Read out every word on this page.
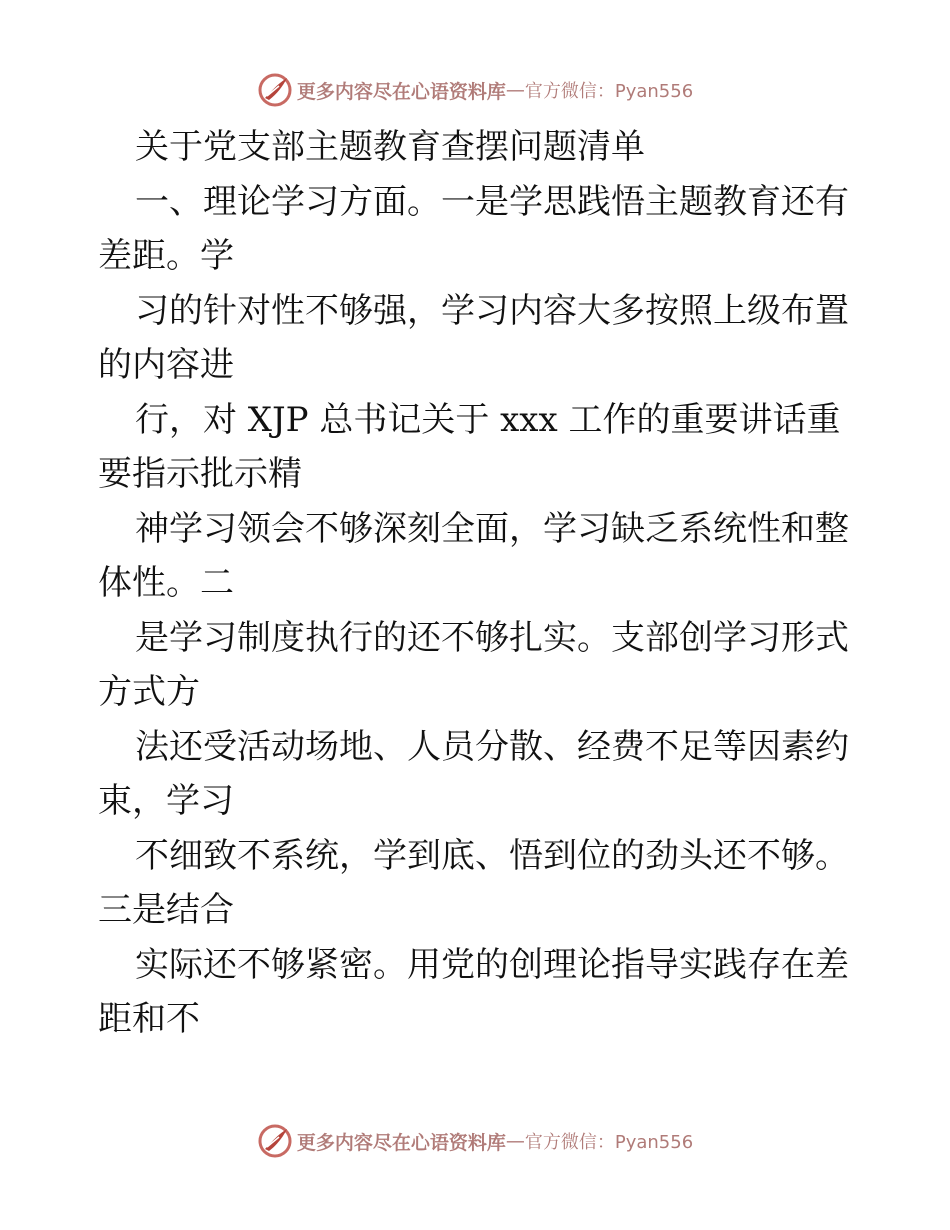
更多内容尽在心语资料库 — 官方微信：Pyan556
关于党支部主题教育查摆问题清单
一、理论学习方面。一是学思践悟主题教育还有
差距。学
习的针对性不够强，学习内容大多按照上级布置
的内容进
行，对 XJP 总书记关于 xxx 工作的重要讲话重
要指示批示精
神学习领会不够深刻全面，学习缺乏系统性和整
体性。二
是学习制度执行的还不够扎实。支部创学习形式
方式方
法还受活动场地、人员分散、经费不足等因素约
束，学习
不细致不系统，学到底、悟到位的劲头还不够。
三是结合
实际还不够紧密。用党的创理论指导实践存在差
距和不
更多内容尽在心语资料库 — 官方微信：Pyan556
